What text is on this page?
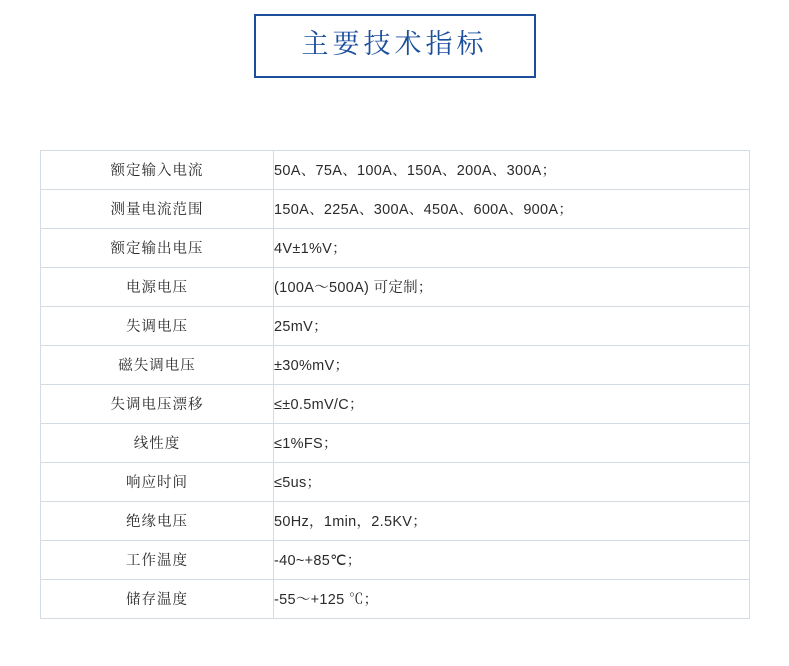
主要技术指标
额定输入电流	50A、75A、100A、150A、200A、300A；
测量电流范围	150A、225A、300A、450A、600A、900A；
额定输出电压	4V±1%V；
电源电压	(100A～500A) 可定制；
失调电压	25mV；
磁失调电压	±30%mV；
失调电压漂移	≤±0.5mV/C；
线性度	≤1%FS；
响应时间	≤5us；
绝缘电压	50Hz，1min，2.5KV；
工作温度	-40~+85℃；
储存温度	-55～+125 ℃；
